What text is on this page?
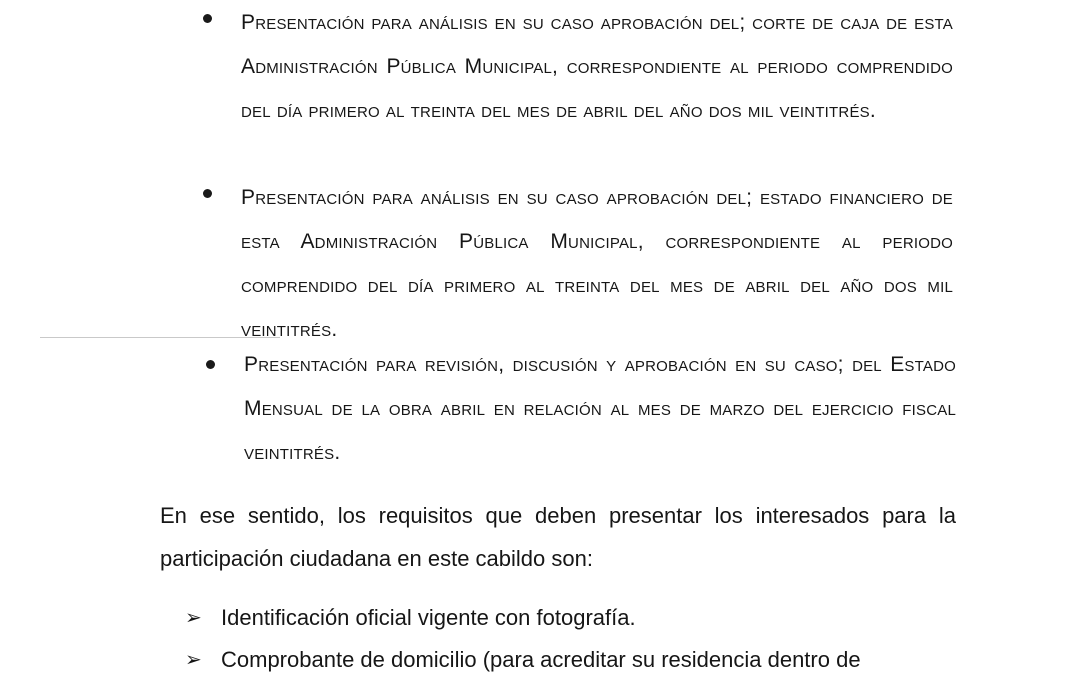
Presentación para análisis en su caso aprobación del; corte de caja de esta Administración Pública Municipal, correspondiente al periodo comprendido del día primero al treinta del mes de abril del año dos mil veintitrés.
Presentación para análisis en su caso aprobación del; estado financiero de esta Administración Pública Municipal, correspondiente al periodo comprendido del día primero al treinta del mes de abril del año dos mil veintitrés.
Presentación para revisión, discusión y aprobación en su caso; del Estado Mensual de la obra abril en relación al mes de marzo del ejercicio fiscal veintitrés.
En ese sentido, los requisitos que deben presentar los interesados para la participación ciudadana en este cabildo son:
➢ Identificación oficial vigente con fotografía.
➢ Comprobante de domicilio (para acreditar su residencia dentro de
